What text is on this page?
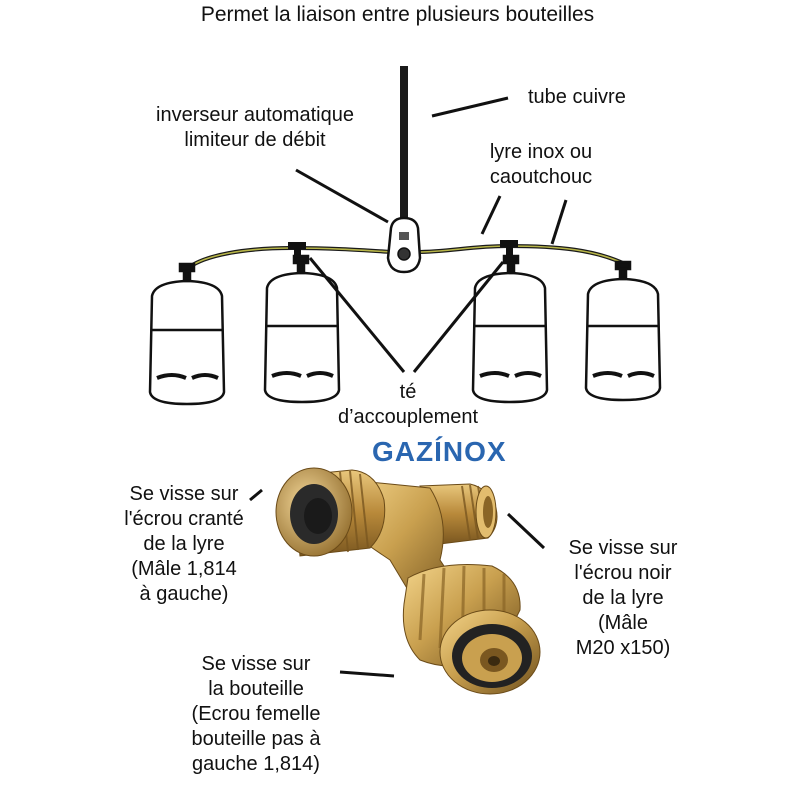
Permet la liaison entre plusieurs bouteilles
tube cuivre
inverseur automatique
limiteur de débit
lyre inox ou
caoutchouc
té
d’accouplement
GAZÍNOX
Se visse sur
l'écrou cranté
de la lyre
(Mâle 1,814
à gauche)
Se visse sur
l'écrou noir
de la lyre
(Mâle
M20 x150)
Se visse sur
la bouteille
(Ecrou femelle
bouteille pas à
gauche 1,814)
